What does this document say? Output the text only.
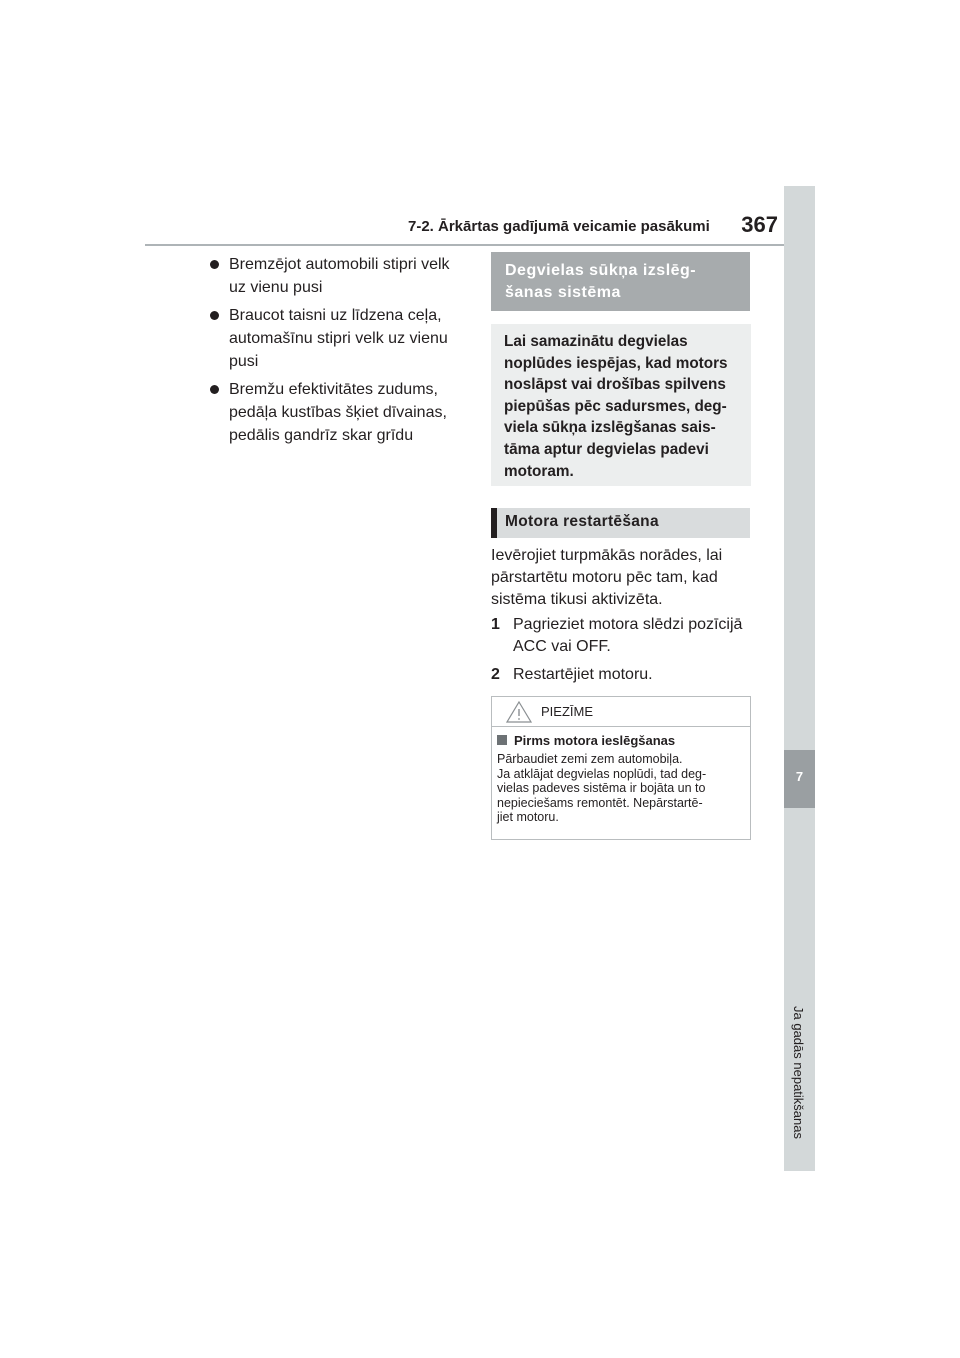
7-2. Ārkārtas gadījumā veicamie pasākumi	367
7
Ja gadās nepatikšanas
Bremzējot automobili stipri velk
uz vienu pusi
Braucot taisni uz līdzena ceļa,
automašīnu stipri velk uz vienu
pusi
Bremžu efektivitātes zudums,
pedāļa kustības šķiet dīvainas,
pedālis gandrīz skar grīdu
Degvielas sūkņa izslēg-
šanas sistēma
Lai samazinātu degvielas
noplūdes iespējas, kad motors
noslāpst vai drošības spilvens
piepūšas pēc sadursmes, deg-
viela sūkņa izslēgšanas sais-
tāma aptur degvielas padevi
motoram.
Motora restartēšana
Ievērojiet turpmākās norādes, lai
pārstartētu motoru pēc tam, kad
sistēma tikusi aktivizēta.
1 Pagrieziet motora slēdzi pozīcijā
ACC vai OFF.
2 Restartējiet motoru.
PIEZĪME
Pirms motora ieslēgšanas
Pārbaudiet zemi zem automobiļa.
Ja atklājat degvielas noplūdi, tad deg-
vielas padeves sistēma ir bojāta un to
nepieciešams remontēt. Nepārstartē-
jiet motoru.
